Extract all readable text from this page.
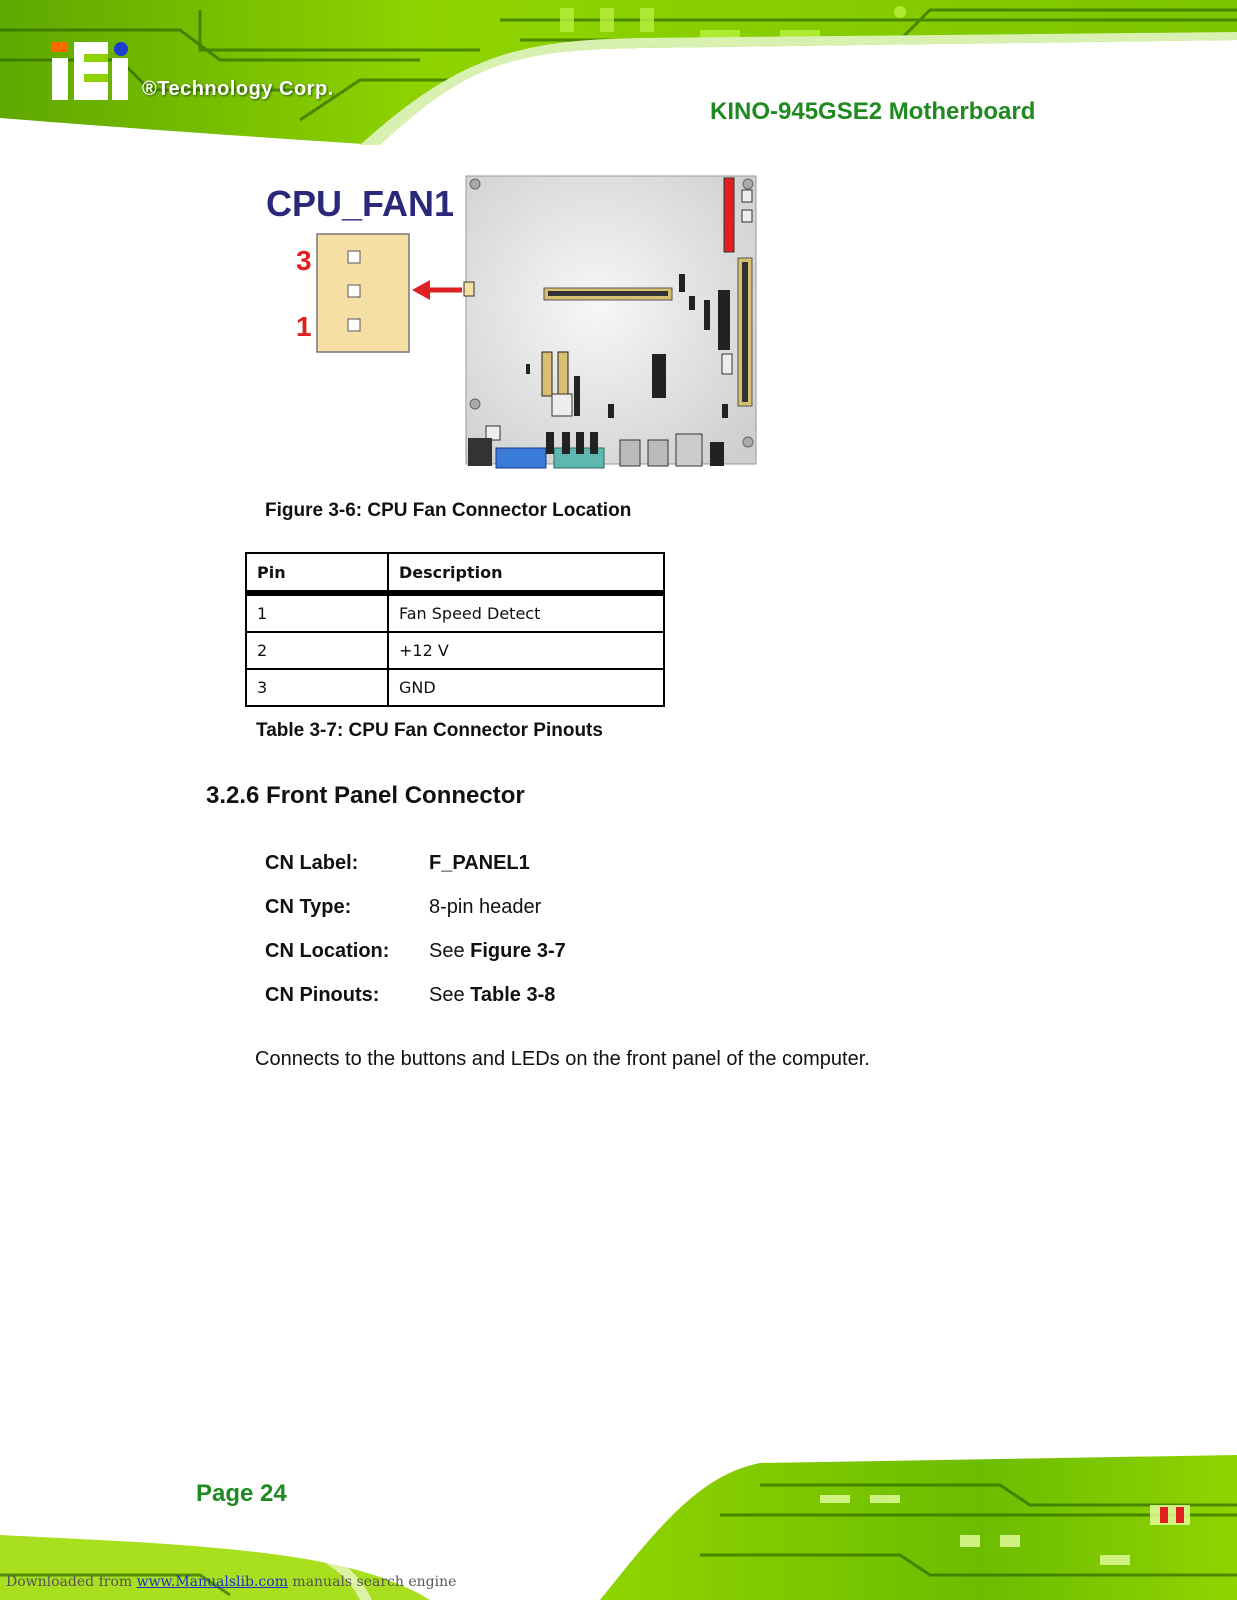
®Technology Corp.
KINO-945GSE2 Motherboard
CPU_FAN1
3
1
Figure 3-6: CPU Fan Connector Location
Pin	Description
1	Fan Speed Detect
2	+12 V
3	GND
Table 3-7: CPU Fan Connector Pinouts
3.2.6 Front Panel Connector
CN Label:	F_PANEL1
CN Type:	8-pin header
CN Location: See Figure 3-7
CN Pinouts: See Table 3-8
Connects to the buttons and LEDs on the front panel of the computer.
Page 24
Downloaded from www.Manualslib.com manuals search engine
